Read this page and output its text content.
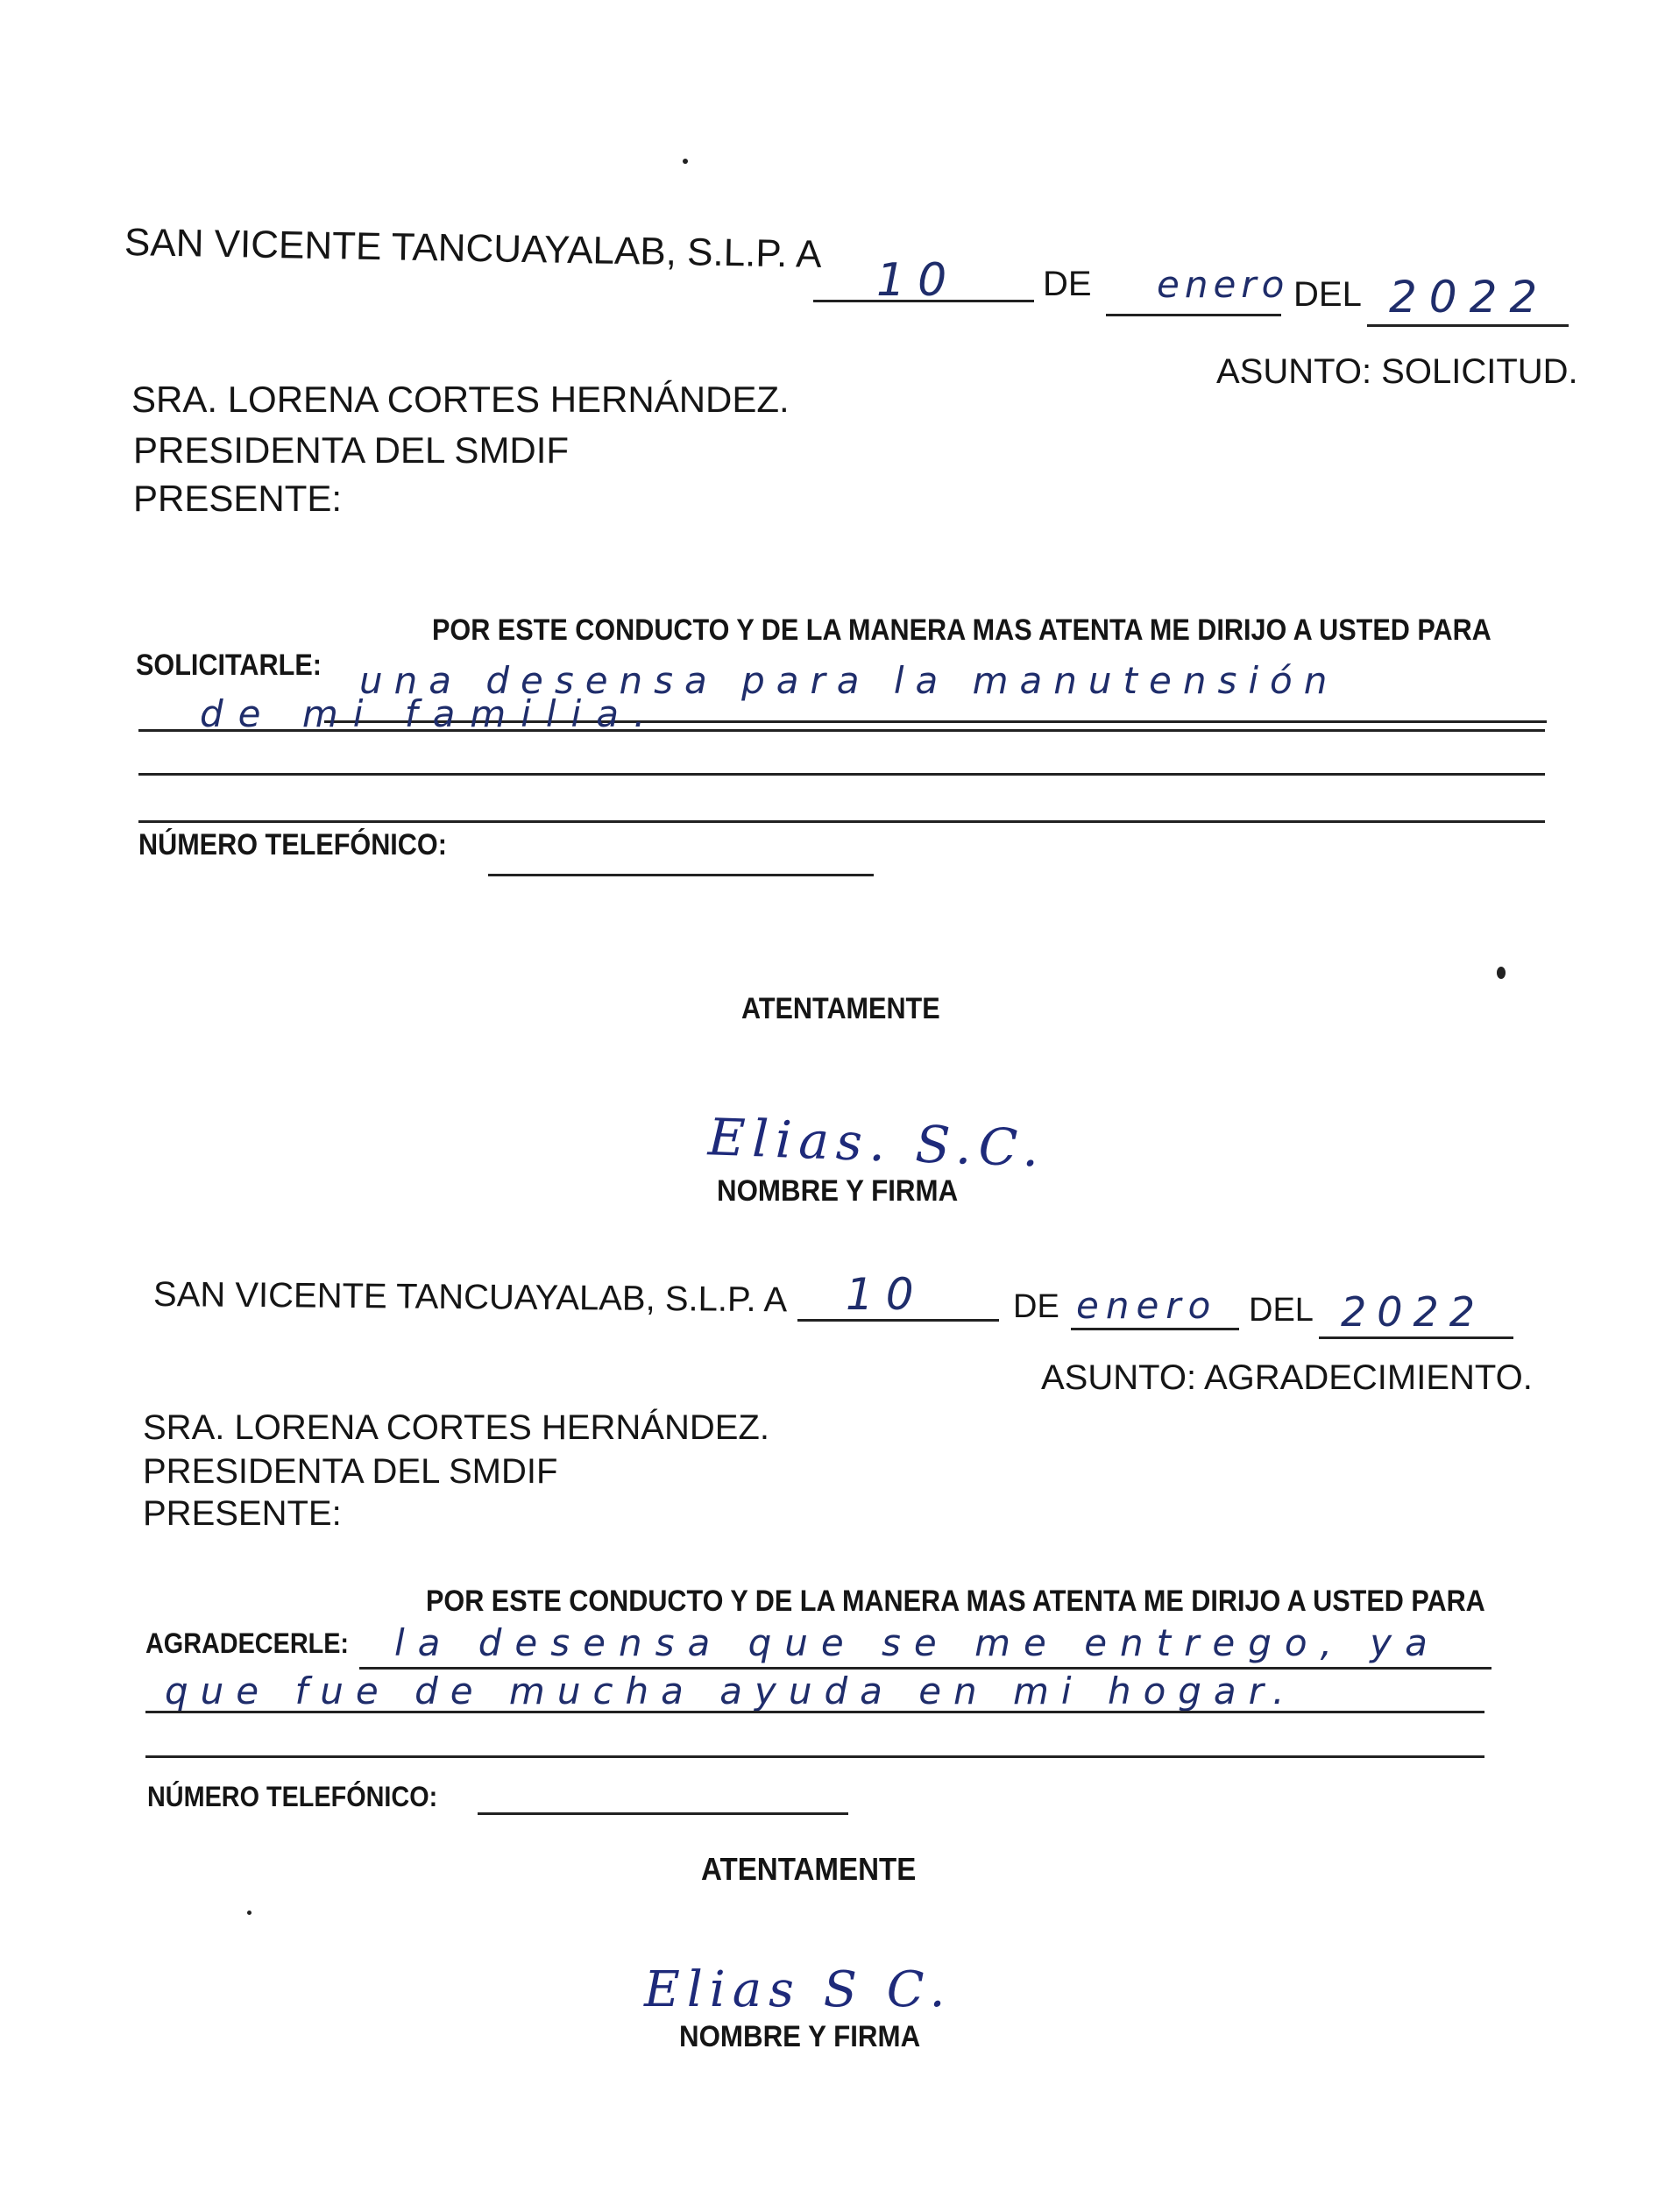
SAN VICENTE TANCUAYALAB, S.L.P. A
10 DE enero DEL 2022
ASUNTO: SOLICITUD.
SRA. LORENA CORTES HERNÁNDEZ.
PRESIDENTA DEL SMDIF
PRESENTE:
POR ESTE CONDUCTO Y DE LA MANERA MAS ATENTA ME DIRIJO A USTED PARA
SOLICITARLE: una desensa para la manutensión
de mi familia.
NÚMERO TELEFÓNICO:
ATENTAMENTE
Elias. S.C.
NOMBRE Y FIRMA
SAN VICENTE TANCUAYALAB, S.L.P. A 10	DE enero DEL 2022
ASUNTO: AGRADECIMIENTO.
SRA. LORENA CORTES HERNÁNDEZ.
PRESIDENTA DEL SMDIF
PRESENTE:
POR ESTE CONDUCTO Y DE LA MANERA MAS ATENTA ME DIRIJO A USTED PARA
AGRADECERLE: la desensa que se me entrego, ya
que fue de mucha ayuda en mi hogar.
NÚMERO TELEFÓNICO:
ATENTAMENTE
Elias S C.
NOMBRE Y FIRMA
